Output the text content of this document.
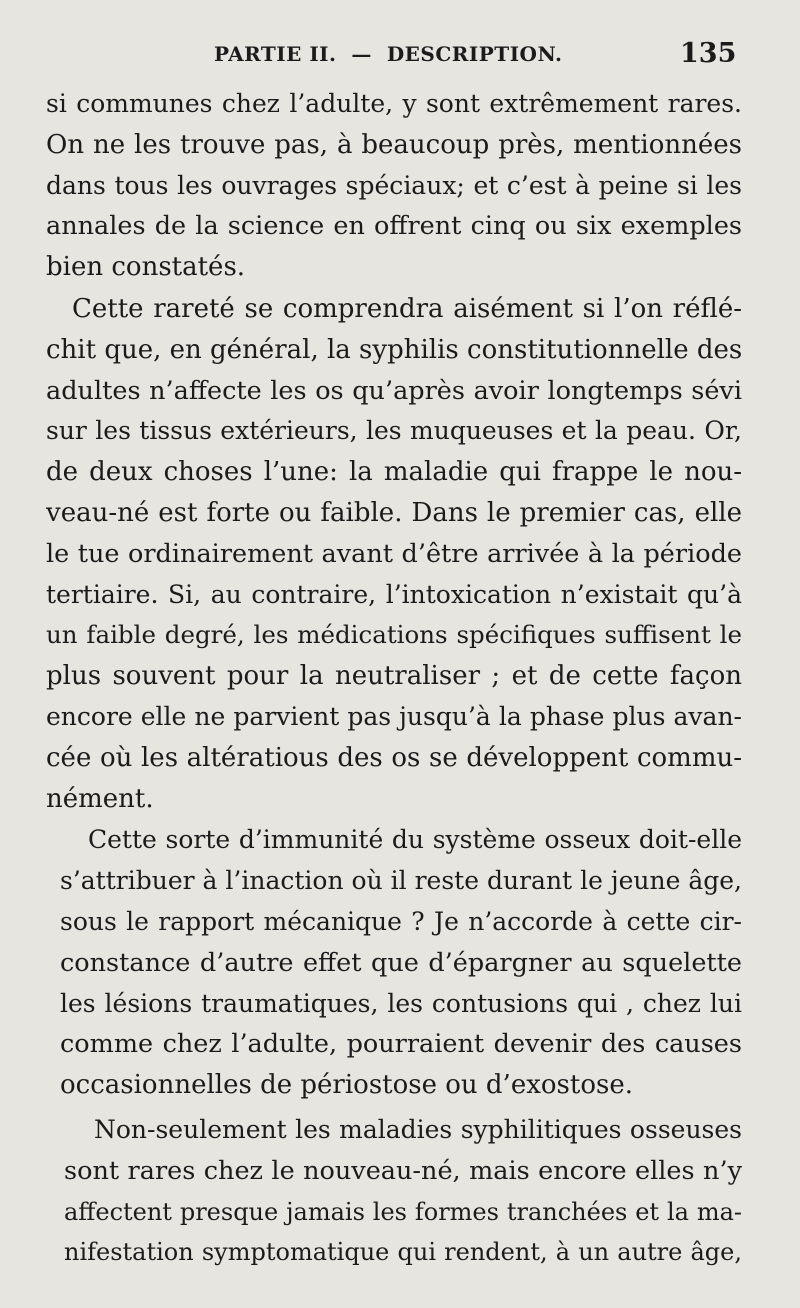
PARTIE II.  —  DESCRIPTION.	135
si communes chez l’adulte, y sont extrêmement rares.
On ne les trouve pas, à beaucoup près, mentionnées
dans tous les ouvrages spéciaux; et c’est à peine si les
annales de la science en offrent cinq ou six exemples
bien constatés.
Cette rareté se comprendra aisément si l’on réflé-
chit que, en général, la syphilis constitutionnelle des
adultes n’affecte les os qu’après avoir longtemps sévi
sur les tissus extérieurs, les muqueuses et la peau. Or,
de deux choses l’une: la maladie qui frappe le nou-
veau-né est forte ou faible. Dans le premier cas, elle
le tue ordinairement avant d’être arrivée à la période
tertiaire. Si, au contraire, l’intoxication n’existait qu’à
un faible degré, les médications spécifiques suffisent le
plus souvent pour la neutraliser ; et de cette façon
encore elle ne parvient pas jusqu’à la phase plus avan-
cée où les altératious des os se développent commu-
nément.
Cette sorte d’immunité du système osseux doit-elle
s’attribuer à l’inaction où il reste durant le jeune âge,
sous le rapport mécanique ? Je n’accorde à cette cir-
constance d’autre effet que d’épargner au squelette
les lésions traumatiques, les contusions qui , chez lui
comme chez l’adulte, pourraient devenir des causes
occasionnelles de périostose ou d’exostose.
Non-seulement les maladies syphilitiques osseuses
sont rares chez le nouveau-né, mais encore elles n’y
affectent presque jamais les formes tranchées et la ma-
nifestation symptomatique qui rendent, à un autre âge,
